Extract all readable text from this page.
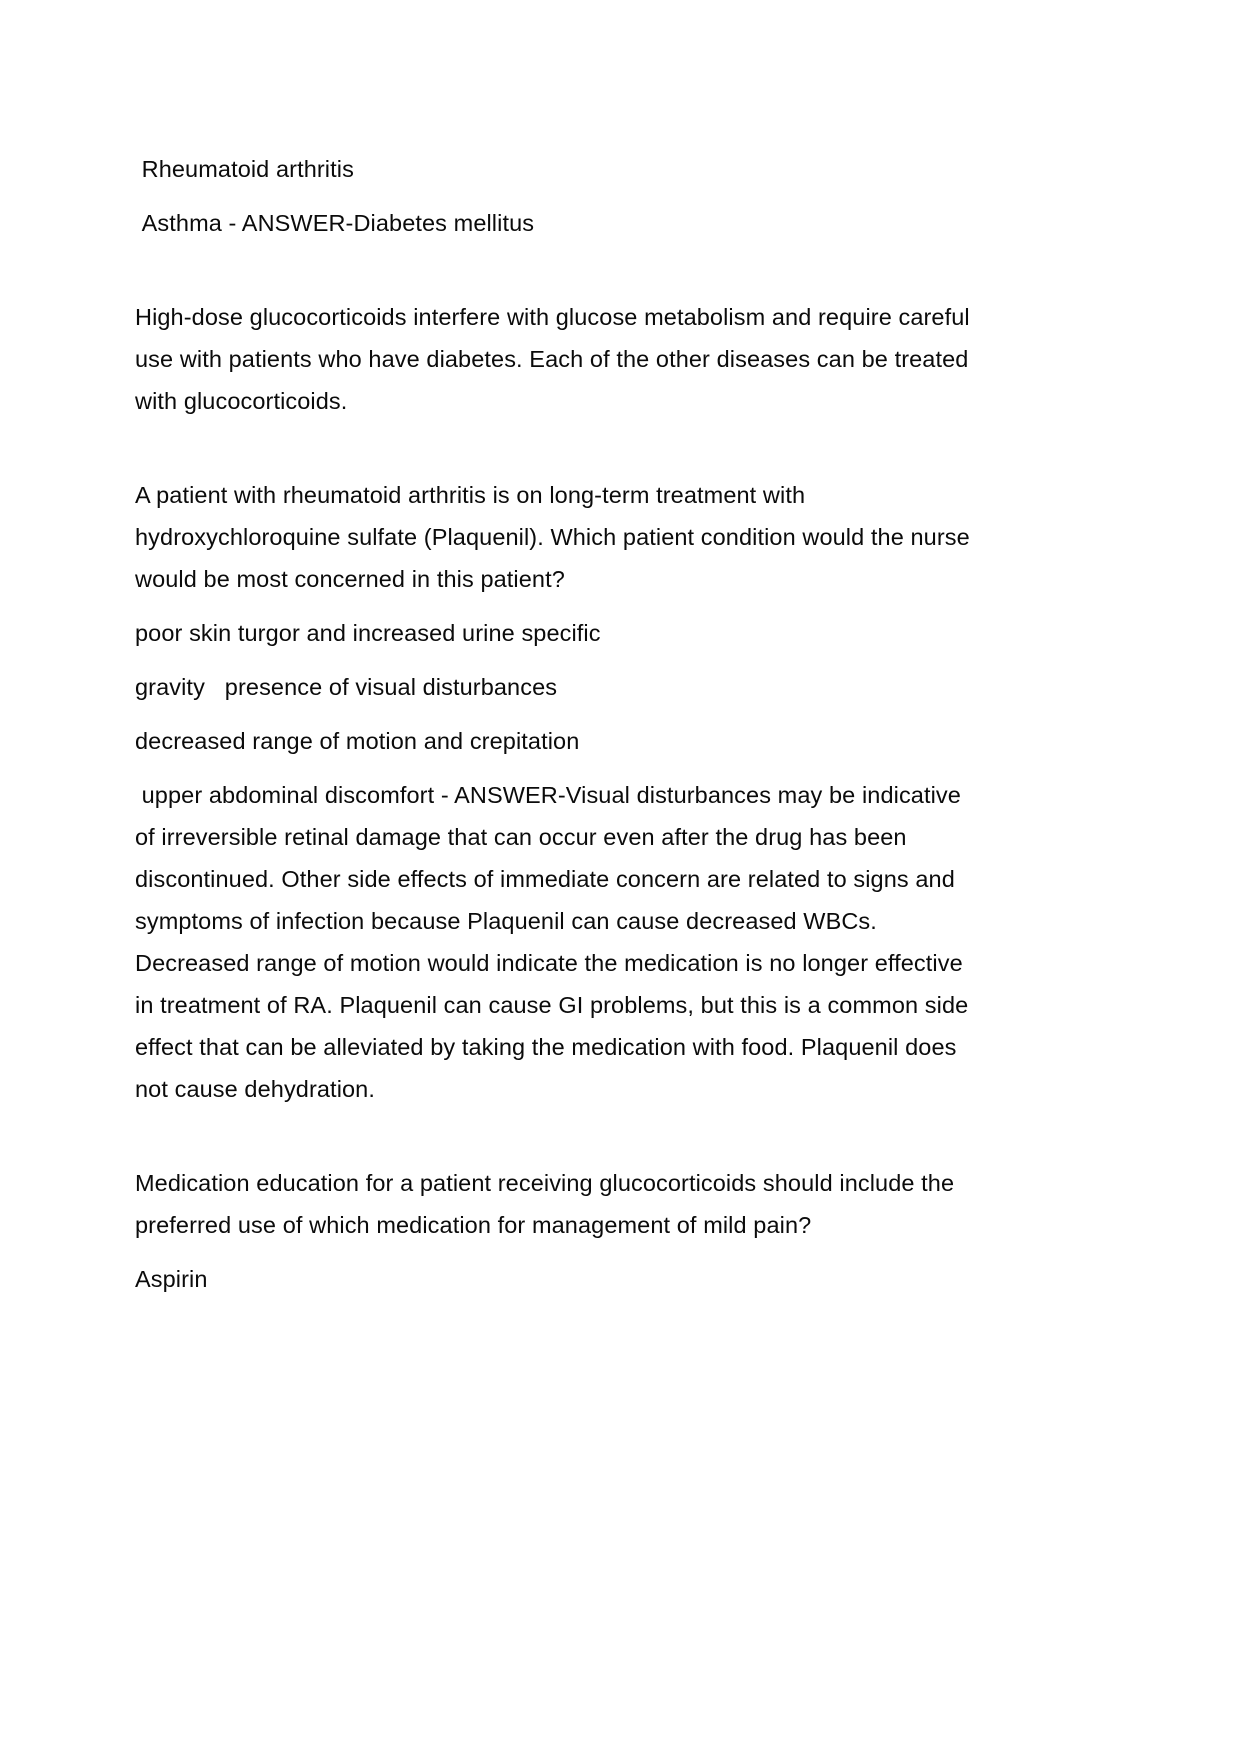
Rheumatoid arthritis

Asthma - ANSWER-Diabetes mellitus

High-dose glucocorticoids interfere with glucose metabolism and require careful use with patients who have diabetes. Each of the other diseases can be treated with glucocorticoids.

A patient with rheumatoid arthritis is on long-term treatment with hydroxychloroquine sulfate (Plaquenil). Which patient condition would the nurse would be most concerned in this patient?

poor skin turgor and increased urine specific

gravity   presence of visual disturbances

decreased range of motion and crepitation

upper abdominal discomfort - ANSWER-Visual disturbances may be indicative of irreversible retinal damage that can occur even after the drug has been discontinued. Other side effects of immediate concern are related to signs and symptoms of infection because Plaquenil can cause decreased WBCs. Decreased range of motion would indicate the medication is no longer effective in treatment of RA. Plaquenil can cause GI problems, but this is a common side effect that can be alleviated by taking the medication with food. Plaquenil does not cause dehydration.

Medication education for a patient receiving glucocorticoids should include the preferred use of which medication for management of mild pain?

Aspirin
